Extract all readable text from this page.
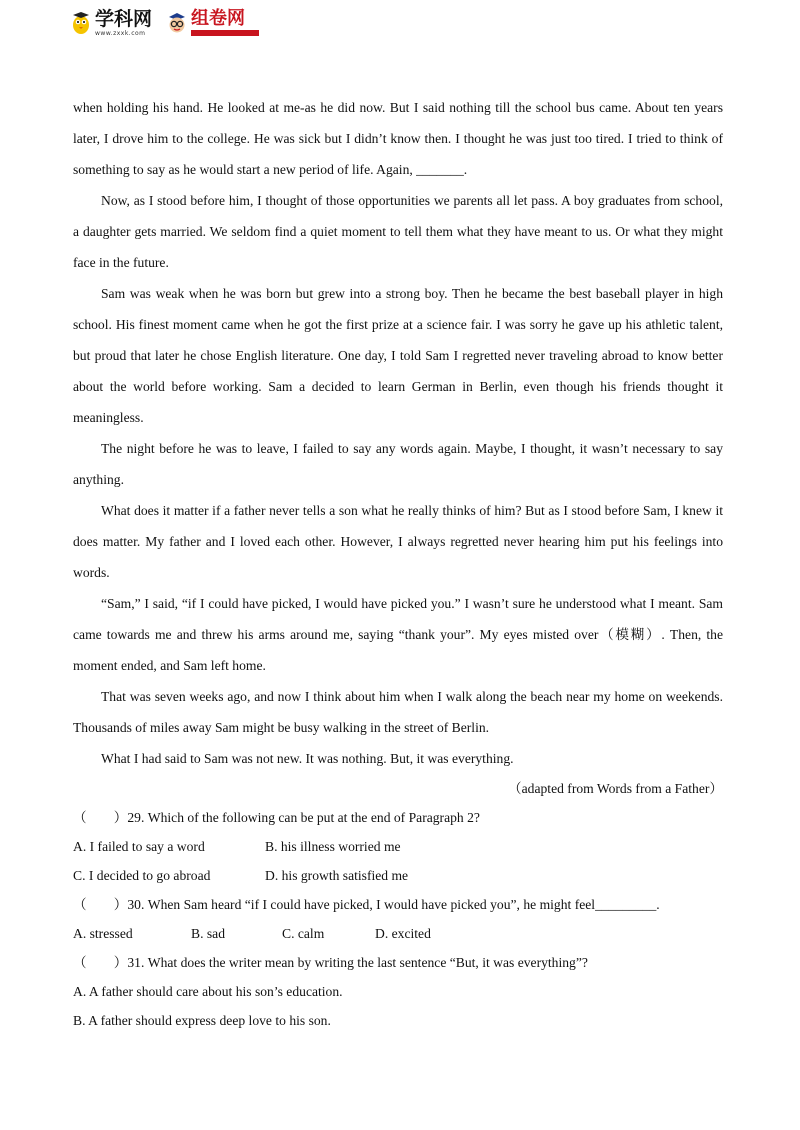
学科网
www.zxxk.com
组卷网

when holding his hand. He looked at me-as he did now. But I said nothing till the school bus came. About ten years later, I drove him to the college. He was sick but I didn’t know then. I thought he was just too tired. I tried to think of something to say as he would start a new period of life. Again, _______.

Now, as I stood before him, I thought of those opportunities we parents all let pass. A boy graduates from school, a daughter gets married. We seldom find a quiet moment to tell them what they have meant to us. Or what they might face in the future.

Sam was weak when he was born but grew into a strong boy. Then he became the best baseball player in high school. His finest moment came when he got the first prize at a science fair. I was sorry he gave up his athletic talent, but proud that later he chose English literature. One day, I told Sam I regretted never traveling abroad to know better about the world before working. Sam a decided to learn German in Berlin, even though his friends thought it meaningless.

The night before he was to leave, I failed to say any words again. Maybe, I thought, it wasn’t necessary to say anything.

What does it matter if a father never tells a son what he really thinks of him? But as I stood before Sam, I knew it does matter. My father and I loved each other. However, I always regretted never hearing him put his feelings into words.

“Sam,” I said, “if I could have picked, I would have picked you.” I wasn’t sure he understood what I meant. Sam came towards me and threw his arms around me, saying “thank your”. My eyes misted over（模糊）. Then, the moment ended, and Sam left home.

That was seven weeks ago, and now I think about him when I walk along the beach near my home on weekends. Thousands of miles away Sam might be busy walking in the street of Berlin.

What I had said to Sam was not new. It was nothing. But, it was everything.

（adapted from Words from a Father）

（　　）29. Which of the following can be put at the end of Paragraph 2?

A. I failed to say a word	B. his illness worried me

C. I decided to go abroad	D. his growth satisfied me

（　　）30. When Sam heard “if I could have picked, I would have picked you”, he might feel_________.

A. stressed	B. sad	C. calm	D. excited

（　　）31. What does the writer mean by writing the last sentence “But, it was everything”?

A. A father should care about his son’s education.

B. A father should express deep love to his son.
